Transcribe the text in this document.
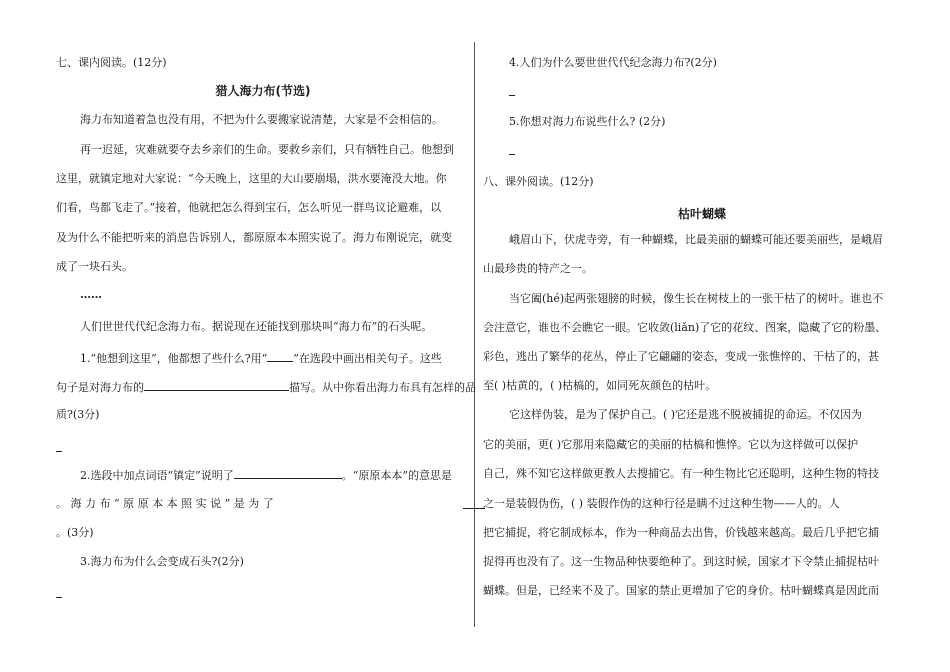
七、课内阅读。(12分)
猎人海力布(节选)
海力布知道着急也没有用，不把为什么要搬家说清楚，大家是不会相信的。
再一迟延，灾难就要夺去乡亲们的生命。要救乡亲们，只有牺牲自己。他想到
这里，就镇定地对大家说：“今天晚上，这里的大山要崩塌，洪水要淹没大地。你
们看，鸟都飞走了。”接着，他就把怎么得到宝石，怎么听见一群鸟议论避难，以
及为什么不能把听来的消息告诉别人，都原原本本照实说了。海力布刚说完，就变
成了一块石头。
……
人们世世代代纪念海力布。据说现在还能找到那块叫“海力布”的石头呢。
1.“他想到这里”，他都想了些什么?用“ ”在选段中画出相关句子。这些
句子是对海力布的	描写。从中你看出海力布具有怎样的品
质?(3分)
2.选段中加点词语“镇定”说明了	。“原原本本”的意思是
。 海 力 布 “ 原 原 本 本 照 实 说 ” 是 为 了
。(3分)
3.海力布为什么会变成石头?(2分)
4.人们为什么要世世代代纪念海力布?(2分)
5.你想对海力布说些什么? (2分)
八、课外阅读。(12分)
枯叶蝴蝶
峨眉山下，伏虎寺旁，有一种蝴蝶，比最美丽的蝴蝶可能还要美丽些，是峨眉
山最珍贵的特产之一。
当它阖(hé)起两张翅膀的时候，像生长在树枝上的一张干枯了的树叶。谁也不
会注意它，谁也不会瞧它一眼。它收敛(liǎn)了它的花纹、图案，隐藏了它的粉墨、
彩色，逃出了繁华的花丛，停止了它翩翩的姿态，变成一张憔悴的、干枯了的，甚
至( )枯黄的，( )枯槁的，如同死灰颜色的枯叶。
它这样伪装，是为了保护自己。( )它还是逃不脱被捕捉的命运。不仅因为
它的美丽，更( )它那用来隐藏它的美丽的枯槁和憔悴。它以为这样做可以保护
自己，殊不知它这样做更教人去搜捕它。有一种生物比它还聪明，这种生物的特技
之一是装假伪伤，( ) 装假作伪的这种行径是瞒不过这种生物——人的。人
把它捕捉，将它制成标本，作为一种商品去出售，价钱越来越高。最后几乎把它捕
捉得再也没有了。这一生物品种快要绝种了。到这时候，国家才下令禁止捕捉枯叶
蝴蝶。但是，已经来不及了。国家的禁止更增加了它的身价。枯叶蝴蝶真是因此而
